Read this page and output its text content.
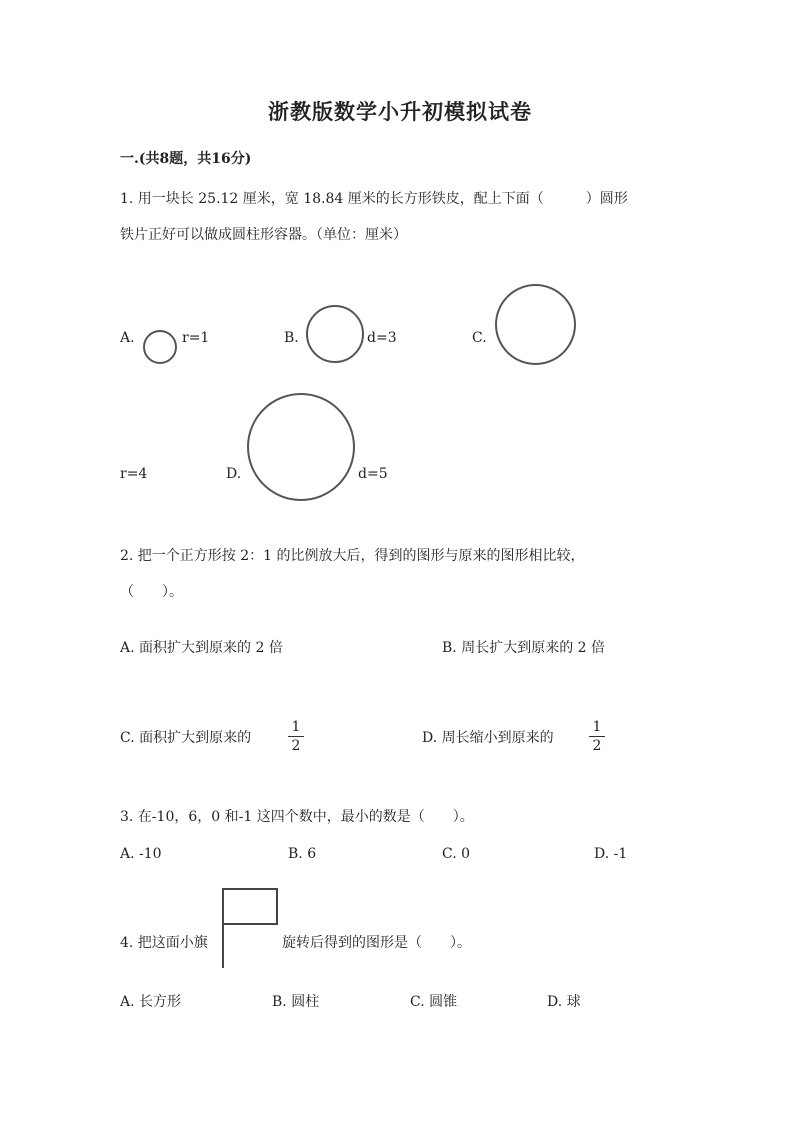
浙教版数学小升初模拟试卷
一.(共8题，共16分)
1. 用一块长 25.12 厘米，宽 18.84 厘米的长方形铁皮，配上下面（　　　）圆形
铁片正好可以做成圆柱形容器。（单位：厘米）
A.	r=1	B.	d=3	C.
r=4	D.	d=5
2. 把一个正方形按 2：1 的比例放大后，得到的图形与原来的图形相比较，
（　　）。
A. 面积扩大到原来的 2 倍	B. 周长扩大到原来的 2 倍
C. 面积扩大到原来的
1
2	D. 周长缩小到原来的
1
2
3. 在-10，6，0 和-1 这四个数中，最小的数是（　　）。
A. -10	B. 6	C. 0	D. -1
4. 把这面小旗	旋转后得到的图形是（　　）。
A. 长方形	B. 圆柱	C. 圆锥	D. 球
